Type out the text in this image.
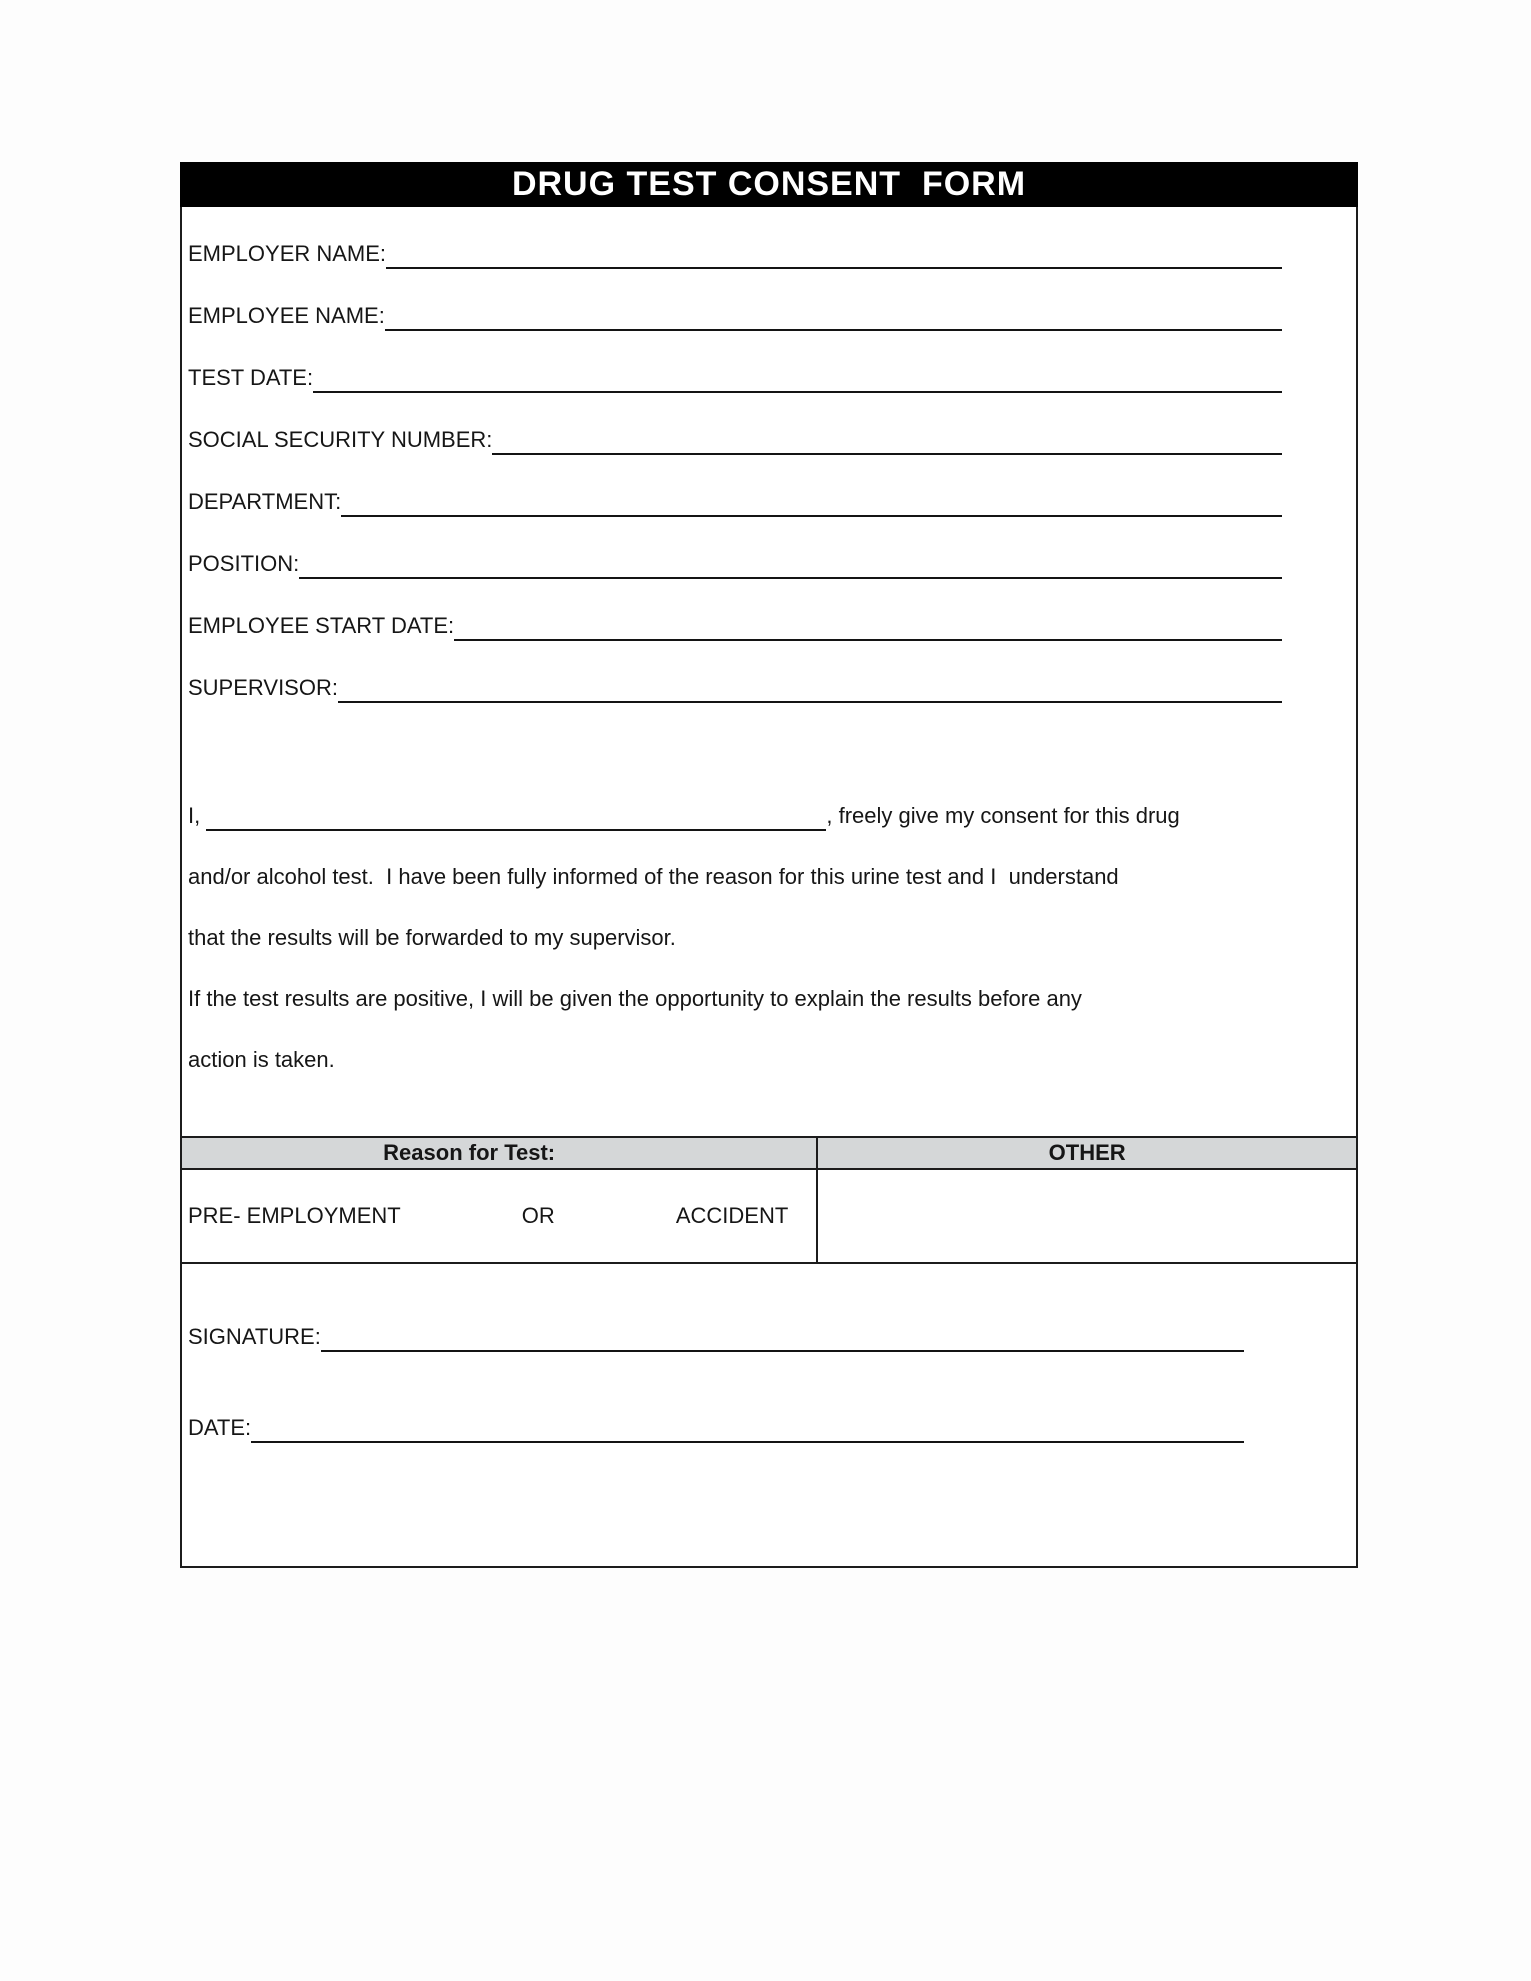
DRUG TEST CONSENT  FORM
EMPLOYER NAME:
EMPLOYEE NAME:
TEST DATE:
SOCIAL SECURITY NUMBER:
DEPARTMENT:
POSITION:
EMPLOYEE START DATE:
SUPERVISOR:
I,
	, freely give my consent for this drug
and/or alcohol test.  I have been fully informed of the reason for this urine test and I  understand
that the results will be forwarded to my supervisor.
If the test results are positive, I will be given the opportunity to explain the results before any
action is taken.
Reason for Test:	OTHER
PRE- EMPLOYMENT	OR	ACCIDENT
SIGNATURE:
DATE:
